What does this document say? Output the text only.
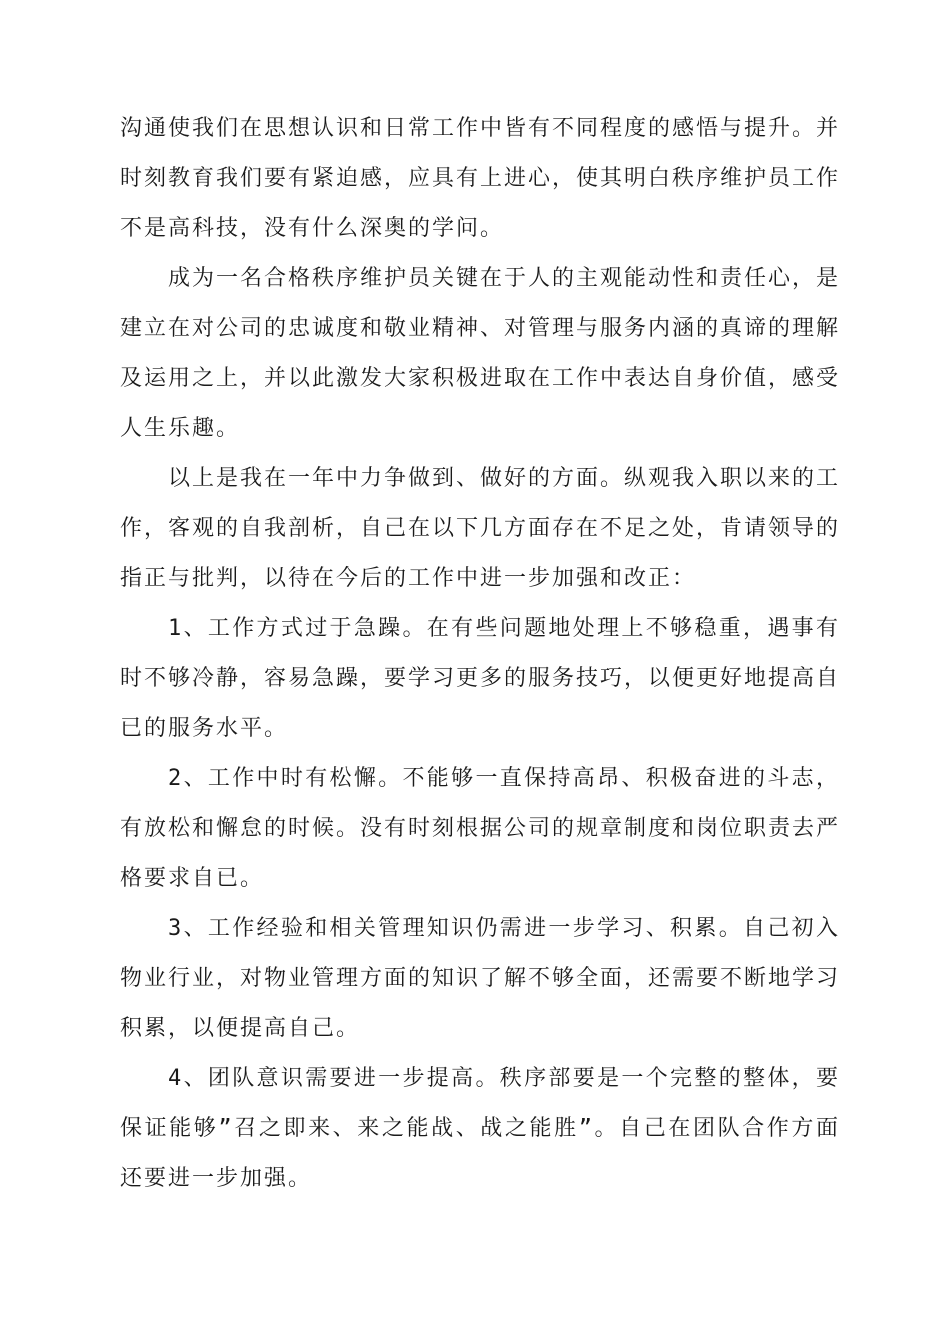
沟通使我们在思想认识和日常工作中皆有不同程度的感悟与提升。并时刻教育我们要有紧迫感，应具有上进心，使其明白秩序维护员工作不是高科技，没有什么深奥的学问。

成为一名合格秩序维护员关键在于人的主观能动性和责任心，是建立在对公司的忠诚度和敬业精神、对管理与服务内涵的真谛的理解及运用之上，并以此激发大家积极进取在工作中表达自身价值，感受人生乐趣。

以上是我在一年中力争做到、做好的方面。纵观我入职以来的工作，客观的自我剖析，自己在以下几方面存在不足之处，肯请领导的指正与批判，以待在今后的工作中进一步加强和改正：

1、工作方式过于急躁。在有些问题地处理上不够稳重，遇事有时不够冷静，容易急躁，要学习更多的服务技巧，以便更好地提高自已的服务水平。

2、工作中时有松懈。不能够一直保持高昂、积极奋进的斗志，有放松和懈怠的时候。没有时刻根据公司的规章制度和岗位职责去严格要求自已。

3、工作经验和相关管理知识仍需进一步学习、积累。自己初入物业行业，对物业管理方面的知识了解不够全面，还需要不断地学习积累，以便提高自己。

4、团队意识需要进一步提高。秩序部要是一个完整的整体，要保证能够”召之即来、来之能战、战之能胜”。自己在团队合作方面还要进一步加强。
